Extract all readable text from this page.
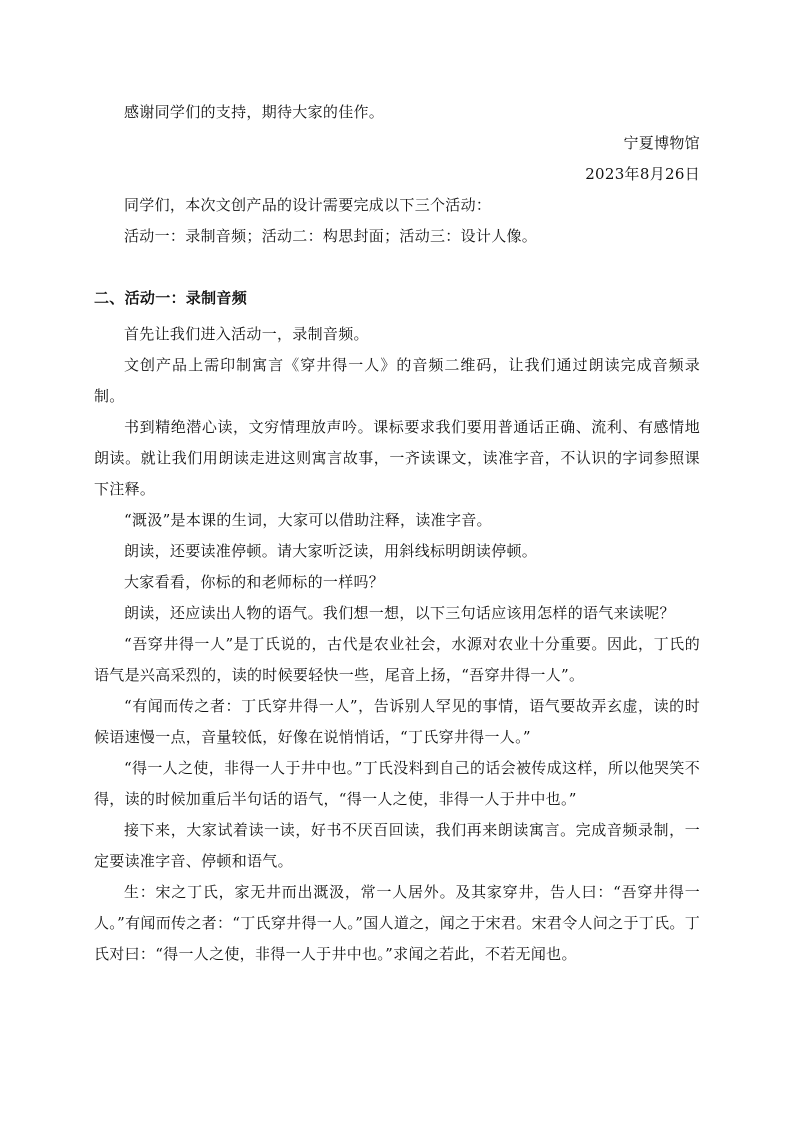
感谢同学们的支持，期待大家的佳作。

宁夏博物馆

2023年8月26日

同学们，本次文创产品的设计需要完成以下三个活动：

活动一：录制音频；活动二：构思封面；活动三：设计人像。

二、活动一：录制音频

首先让我们进入活动一，录制音频。

文创产品上需印制寓言《穿井得一人》的音频二维码，让我们通过朗读完成音频录制。

书到精绝潜心读，文穷情理放声吟。课标要求我们要用普通话正确、流利、有感情地朗读。就让我们用朗读走进这则寓言故事，一齐读课文，读准字音，不认识的字词参照课下注释。

“溉汲”是本课的生词，大家可以借助注释，读准字音。

朗读，还要读准停顿。请大家听泛读，用斜线标明朗读停顿。

大家看看，你标的和老师标的一样吗？

朗读，还应读出人物的语气。我们想一想，以下三句话应该用怎样的语气来读呢？

“吾穿井得一人”是丁氏说的，古代是农业社会，水源对农业十分重要。因此，丁氏的语气是兴高采烈的，读的时候要轻快一些，尾音上扬，“吾穿井得一人”。

“有闻而传之者：丁氏穿井得一人”，告诉别人罕见的事情，语气要故弄玄虚，读的时候语速慢一点，音量较低，好像在说悄悄话，“丁氏穿井得一人。”

“得一人之使，非得一人于井中也。”丁氏没料到自己的话会被传成这样，所以他哭笑不得，读的时候加重后半句话的语气，“得一人之使，非得一人于井中也。”

接下来，大家试着读一读，好书不厌百回读，我们再来朗读寓言。完成音频录制，一定要读准字音、停顿和语气。

生：宋之丁氏，家无井而出溉汲，常一人居外。及其家穿井，告人曰：“吾穿井得一人。”有闻而传之者：“丁氏穿井得一人。”国人道之，闻之于宋君。宋君令人问之于丁氏。丁氏对曰：“得一人之使，非得一人于井中也。”求闻之若此，不若无闻也。
